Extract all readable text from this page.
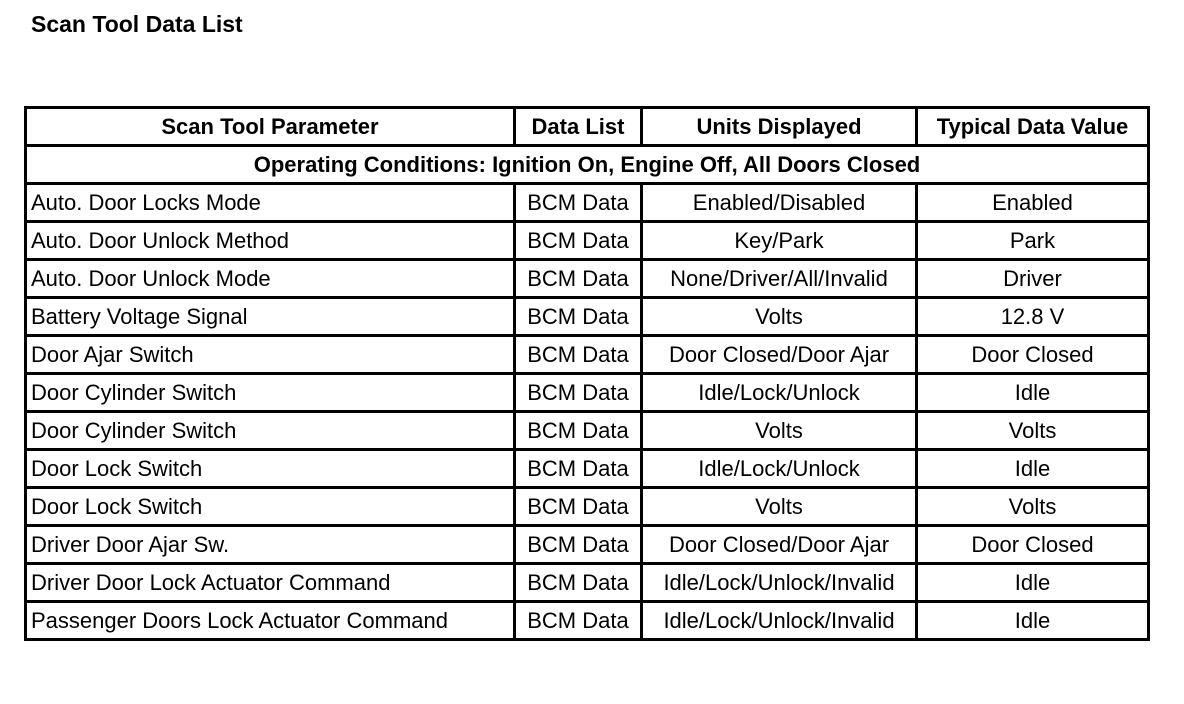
Scan Tool Data List
Scan Tool Parameter	Data List	Units Displayed	Typical Data Value
Operating Conditions: Ignition On, Engine Off, All Doors Closed			
Auto. Door Locks Mode	BCM Data	Enabled/Disabled	Enabled
Auto. Door Unlock Method	BCM Data	Key/Park	Park
Auto. Door Unlock Mode	BCM Data	None/Driver/All/Invalid	Driver
Battery Voltage Signal	BCM Data	Volts	12.8 V
Door Ajar Switch	BCM Data	Door Closed/Door Ajar	Door Closed
Door Cylinder Switch	BCM Data	Idle/Lock/Unlock	Idle
Door Cylinder Switch	BCM Data	Volts	Volts
Door Lock Switch	BCM Data	Idle/Lock/Unlock	Idle
Door Lock Switch	BCM Data	Volts	Volts
Driver Door Ajar Sw.	BCM Data	Door Closed/Door Ajar	Door Closed
Driver Door Lock Actuator Command	BCM Data	Idle/Lock/Unlock/Invalid	Idle
Passenger Doors Lock Actuator Command	BCM Data	Idle/Lock/Unlock/Invalid	Idle
